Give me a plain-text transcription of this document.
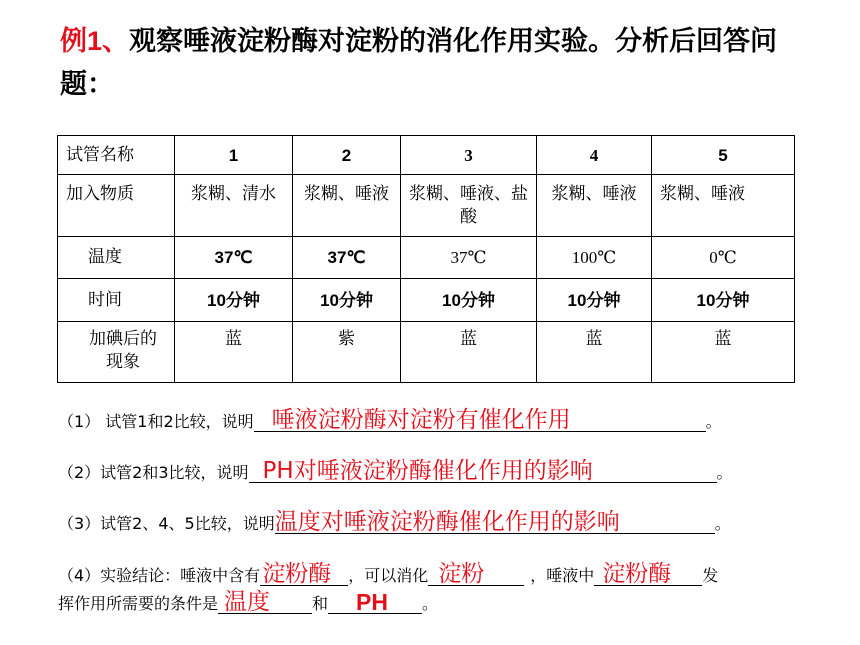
例1、观察唾液淀粉酶对淀粉的消化作用实验。分析后回答问题：
试管名称	1	2	3	4	5
加入物质	浆糊、清水	浆糊、唾液	浆糊、唾液、盐酸	浆糊、唾液	浆糊、唾液
温度	37℃	37℃	37℃	100℃	0℃
时间	10分钟	10分钟	10分钟	10分钟	10分钟
加碘后的现象	蓝	紫	蓝	蓝	蓝
（1） 试管1和2比较，说明 唾液淀粉酶对淀粉有催化作用	。
（2）试管2和3比较，说明 PH对唾液淀粉酶催化作用的影响	。
（3）试管2、4、5比较，说明 温度对唾液淀粉酶催化作用的影响	。
（4）实验结论：唾液中含有 淀粉酶 ，可以消化 淀粉	，唾液中 淀粉酶 发
挥作用所需要的条件是 温度	和 PH 。
